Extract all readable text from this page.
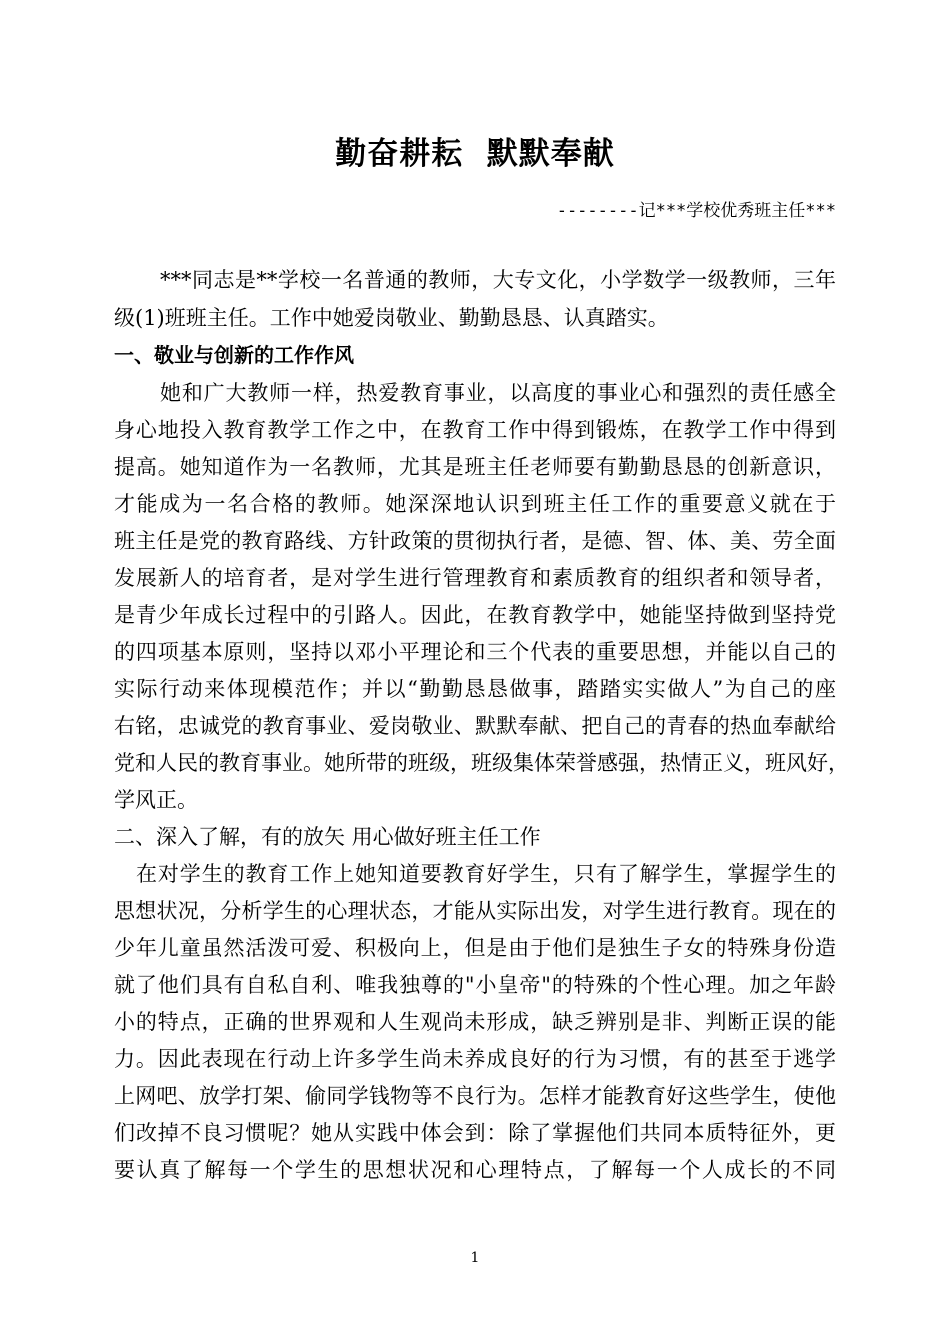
勤奋耕耘  默默奉献
--------记***学校优秀班主任***
***同志是**学校一名普通的教师，大专文化，小学数学一级教师，三年
级(1)班班主任。工作中她爱岗敬业、勤勤恳恳、认真踏实。
一、敬业与创新的工作作风
她和广大教师一样，热爱教育事业，以高度的事业心和强烈的责任感全
身心地投入教育教学工作之中，在教育工作中得到锻炼，在教学工作中得到
提高。她知道作为一名教师，尤其是班主任老师要有勤勤恳恳的创新意识，
才能成为一名合格的教师。她深深地认识到班主任工作的重要意义就在于
班主任是党的教育路线、方针政策的贯彻执行者，是德、智、体、美、劳全面
发展新人的培育者，是对学生进行管理教育和素质教育的组织者和领导者，
是青少年成长过程中的引路人。因此，在教育教学中，她能坚持做到坚持党
的四项基本原则，坚持以邓小平理论和三个代表的重要思想，并能以自己的
实际行动来体现模范作；并以“勤勤恳恳做事，踏踏实实做人”为自己的座
右铭，忠诚党的教育事业、爱岗敬业、默默奉献、把自己的青春的热血奉献给
党和人民的教育事业。她所带的班级，班级集体荣誉感强，热情正义，班风好，
学风正。
二、深入了解，有的放矢 用心做好班主任工作
在对学生的教育工作上她知道要教育好学生，只有了解学生，掌握学生的
思想状况，分析学生的心理状态，才能从实际出发，对学生进行教育。现在的
少年儿童虽然活泼可爱、积极向上，但是由于他们是独生子女的特殊身份造
就了他们具有自私自利、唯我独尊的"小皇帝"的特殊的个性心理。加之年龄
小的特点，正确的世界观和人生观尚未形成，缺乏辨别是非、判断正误的能
力。因此表现在行动上许多学生尚未养成良好的行为习惯，有的甚至于逃学
上网吧、放学打架、偷同学钱物等不良行为。怎样才能教育好这些学生，使他
们改掉不良习惯呢？她从实践中体会到：除了掌握他们共同本质特征外，更
要认真了解每一个学生的思想状况和心理特点，了解每一个人成长的不同
1
